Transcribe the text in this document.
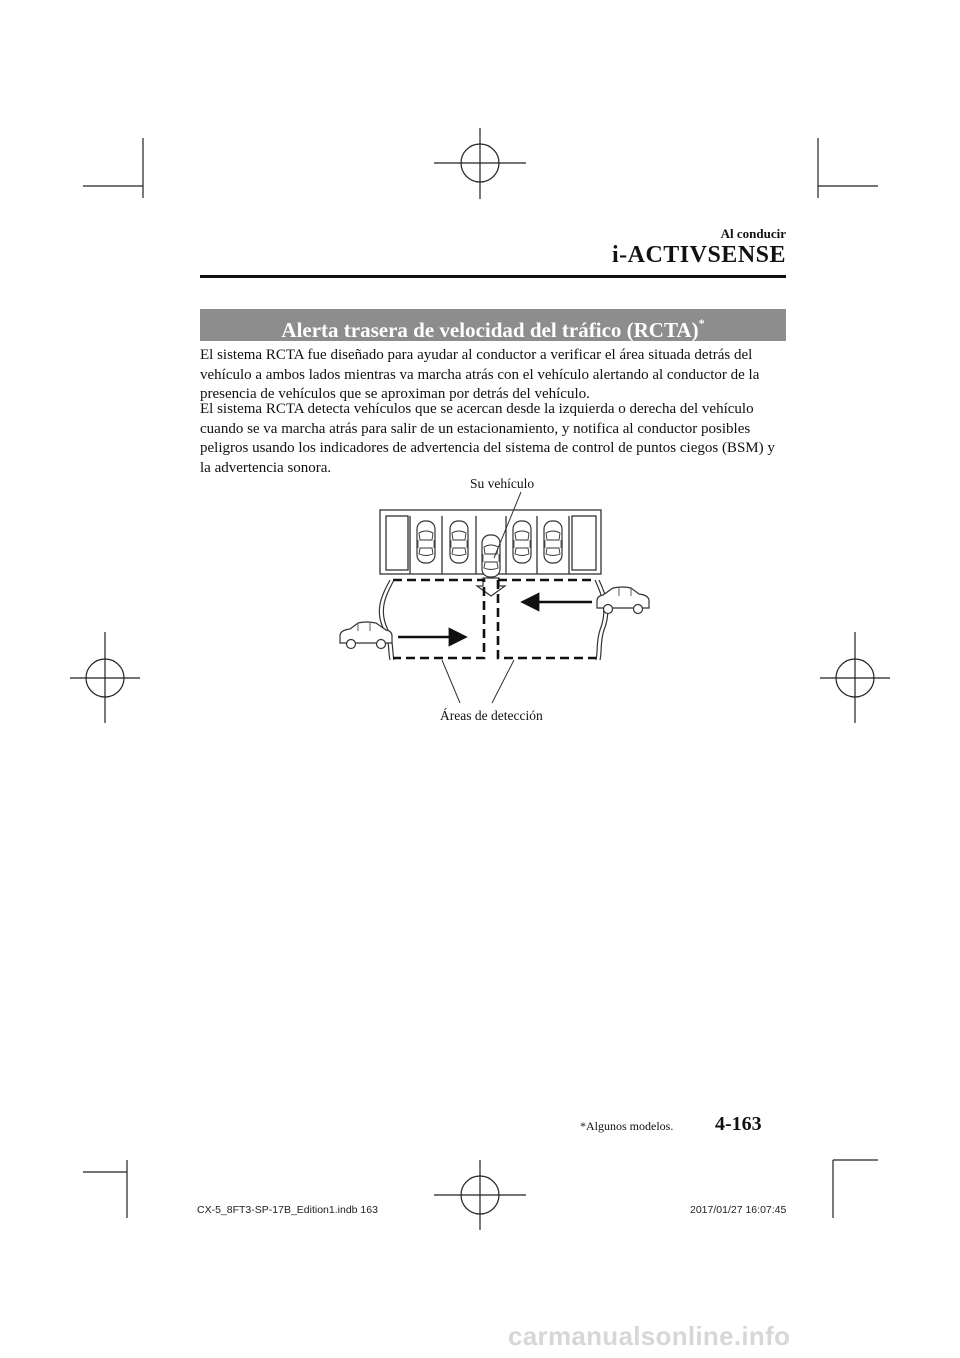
Al conducir
i-ACTIVSENSE
Alerta trasera de velocidad del tráfico (RCTA)*
El sistema RCTA fue diseñado para ayudar al conductor a verificar el área situada detrás del vehículo a ambos lados mientras va marcha atrás con el vehículo alertando al conductor de la presencia de vehículos que se aproximan por detrás del vehículo.
El sistema RCTA detecta vehículos que se acercan desde la izquierda o derecha del vehículo cuando se va marcha atrás para salir de un estacionamiento, y notifica al conductor posibles peligros usando los indicadores de advertencia del sistema de control de puntos ciegos (BSM) y la advertencia sonora.
Su vehículo
Áreas de detección
*Algunos modelos. 4-163
CX-5_8FT3-SP-17B_Edition1.indb 163	2017/01/27 16:07:45
carmanualsonline.info
